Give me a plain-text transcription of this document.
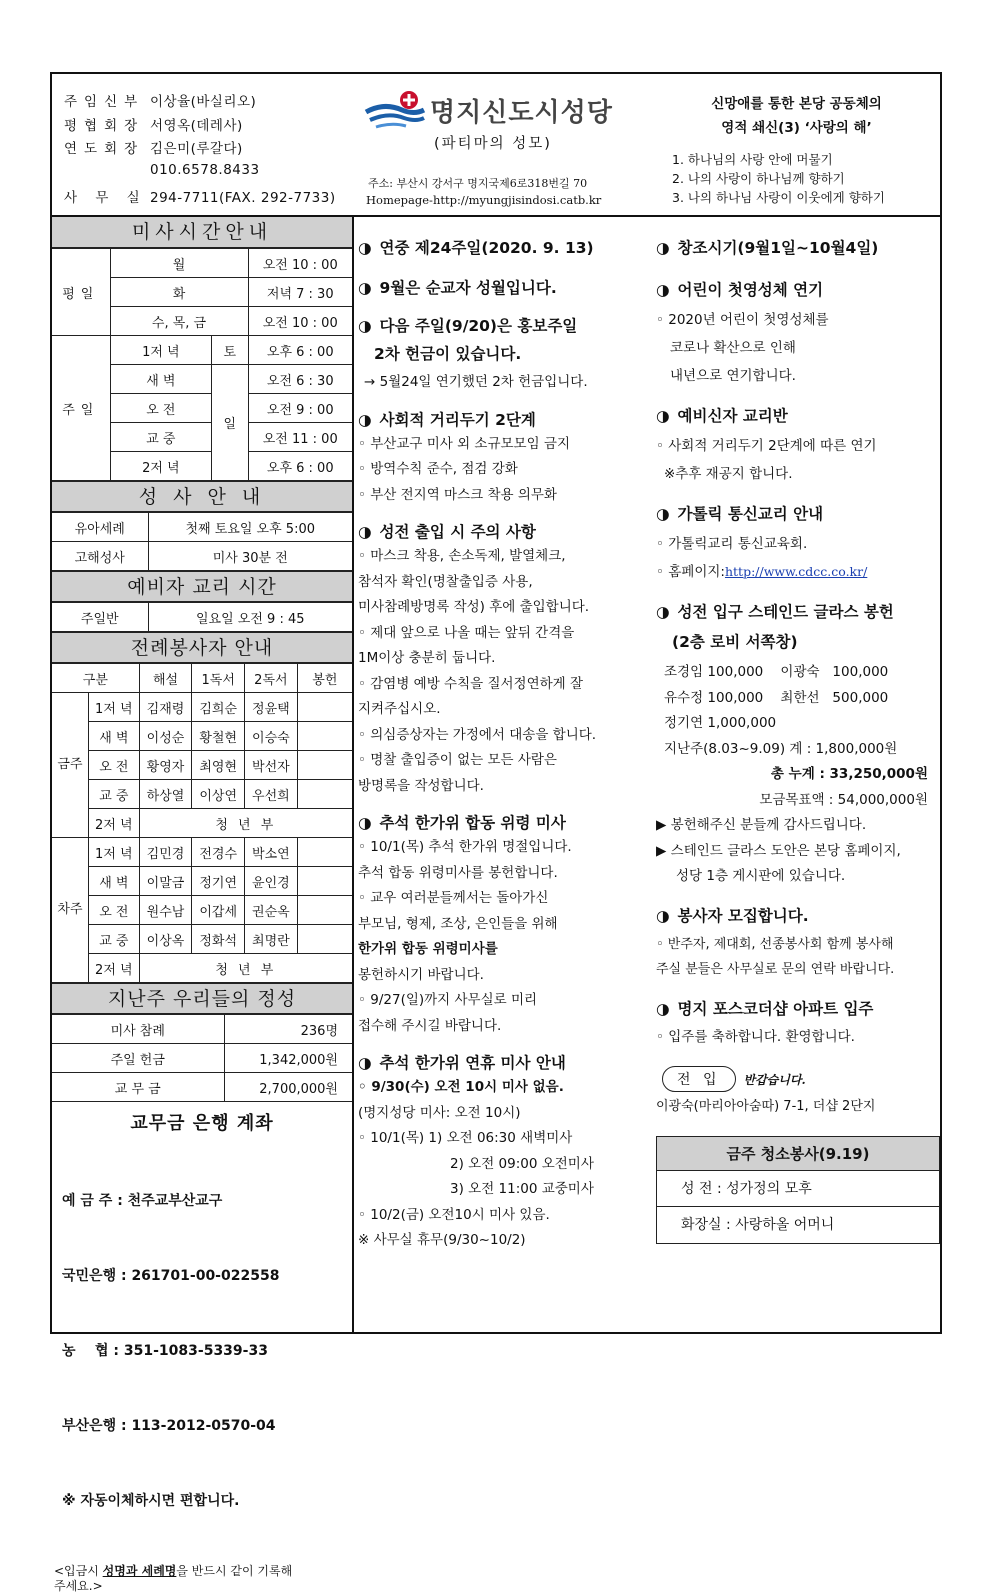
주임신부 이상율(바실리오)
평협회장 서영옥(데레사)
연도회장 김은미(루갈다)
010.6578.8433
사 무 실 294-7711(FAX. 292-7733)
명지신도시성당
(파티마의 성모)
주소: 부산시 강서구 명지국제6로318번길 70
Homepage-http://myungjisindosi.catb.kr
신망애를 통한 본당 공동체의
영적 쇄신(3) ‘사랑의 해’
1. 하나님의 사랑 안에 머물기
2. 나의 사랑이 하나님께 향하기
3. 나의 하나님 사랑이 이웃에게 향하기
미사시간안내
평일	월		오전 10 : 00
	화		저녁 7 : 30
	수, 목, 금		오전 10 : 00
주일	1저 녁	토	오후 6 : 00
	새 벽	일	오전 6 : 30
	오 전		오전 9 : 00
	교 중		오전 11 : 00
	2저 녁		오후 6 : 00
성 사 안 내
유아세례	첫째 토요일 오후 5:00
고해성사	미사 30분 전
예비자 교리 시간
주일반	일요일 오전 9 : 45
전례봉사자 안내
구분		해설	1독서	2독서	봉헌
금주	1저 녁	김재령	김희순	정윤택	
	새 벽	이성순	황철현	이승숙	
	오 전	황영자	최영현	박선자	
	교 중	하상열	이상연	우선희	
	2저 녁	청 년 부			
차주	1저 녁	김민경	전경수	박소연	
	새 벽	이말금	정기연	윤인경	
	오 전	원수남	이갑세	권순옥	
	교 중	이상옥	정화석	최명란	
	2저 녁	청 년 부			
지난주 우리들의 정성
미사 참례	236명
주일 헌금	1,342,000원
교 무 금	2,700,000원
교무금 은행 계좌

예 금 주 : 천주교부산교구

국민은행 : 261701-00-022558

농    협 : 351-1083-5339-33

부산은행 : 113-2012-0570-04

※ 자동이체하시면 편합니다.

<입금시 성명과 세례명을 반드시 같이 기록해
주세요.>

◑ 연중 제24주일(2020. 9. 13)

◑ 9월은 순교자 성월입니다.

◑ 다음 주일(9/20)은 홍보주일

2차 헌금이 있습니다.

→ 5월24일 연기했던 2차 헌금입니다.

◑ 사회적 거리두기 2단계

◦ 부산교구 미사 외 소규모모임 금지

◦ 방역수칙 준수, 점검 강화

◦ 부산 전지역 마스크 착용 의무화

◑ 성전 출입 시 주의 사항

◦ 마스크 착용, 손소독제, 발열체크,

참석자 확인(명찰출입증 사용,

미사참례방명록 작성) 후에 출입합니다.

◦ 제대 앞으로 나올 때는 앞뒤 간격을

1M이상 충분히 둡니다.

◦ 감염병 예방 수칙을 질서정연하게 잘

지켜주십시오.

◦ 의심증상자는 가정에서 대송을 합니다.

◦ 명찰 출입증이 없는 모든 사람은

방명록을 작성합니다.

◑ 추석 한가위 합동 위령 미사

◦ 10/1(목) 추석 한가위 명절입니다.

추석 합동 위령미사를 봉헌합니다.

◦ 교우 여러분들께서는 돌아가신

부모님, 형제, 조상, 은인들을 위해

한가위 합동 위령미사를

봉헌하시기 바랍니다.

◦ 9/27(일)까지 사무실로 미리

접수해 주시길 바랍니다.

◑ 추석 한가위 연휴 미사 안내

◦ 9/30(수) 오전 10시 미사 없음.

(명지성당 미사: 오전 10시)

◦ 10/1(목) 1) 오전 06:30 새벽미사

2) 오전 09:00 오전미사

3) 오전 11:00 교중미사

◦ 10/2(금) 오전10시 미사 있음.

※ 사무실 휴무(9/30~10/2)

◑ 창조시기(9월1일~10월4일)

◑ 어린이 첫영성체 연기

◦ 2020년 어린이 첫영성체를

코로나 확산으로 인해

내년으로 연기합니다.

◑ 예비신자 교리반

◦ 사회적 거리두기 2단계에 따른 연기

※추후 재공지 합니다.

◑ 가톨릭 통신교리 안내

◦ 가톨릭교리 통신교육회.

◦ 홈페이지:http://www.cdcc.co.kr/

◑ 성전 입구 스테인드 글라스 봉헌

(2층 로비 서쪽창)

조경임 100,000 이광숙 100,000

유수정 100,000 최한선 500,000

정기연 1,000,000

지난주(8.03~9.09) 계 : 1,800,000원

총 누계 : 33,250,000원

모금목표액 : 54,000,000원

▶ 봉헌해주신 분들께 감사드립니다.

▶ 스테인드 글라스 도안은 본당 홈페이지,

성당 1층 게시판에 있습니다.

◑ 봉사자 모집합니다.

◦ 반주자, 제대회, 선종봉사회 함께 봉사해

주실 분들은 사무실로 문의 연락 바랍니다.

◑ 명지 포스코더샵 아파트 입주

◦ 입주를 축하합니다. 환영합니다.

전 입	반갑습니다.

이광숙(마리아아숨따) 7-1, 더샵 2단지

금주 청소봉사(9.19)
성 전 : 성가정의 모후
화장실 : 사랑하올 어머니
